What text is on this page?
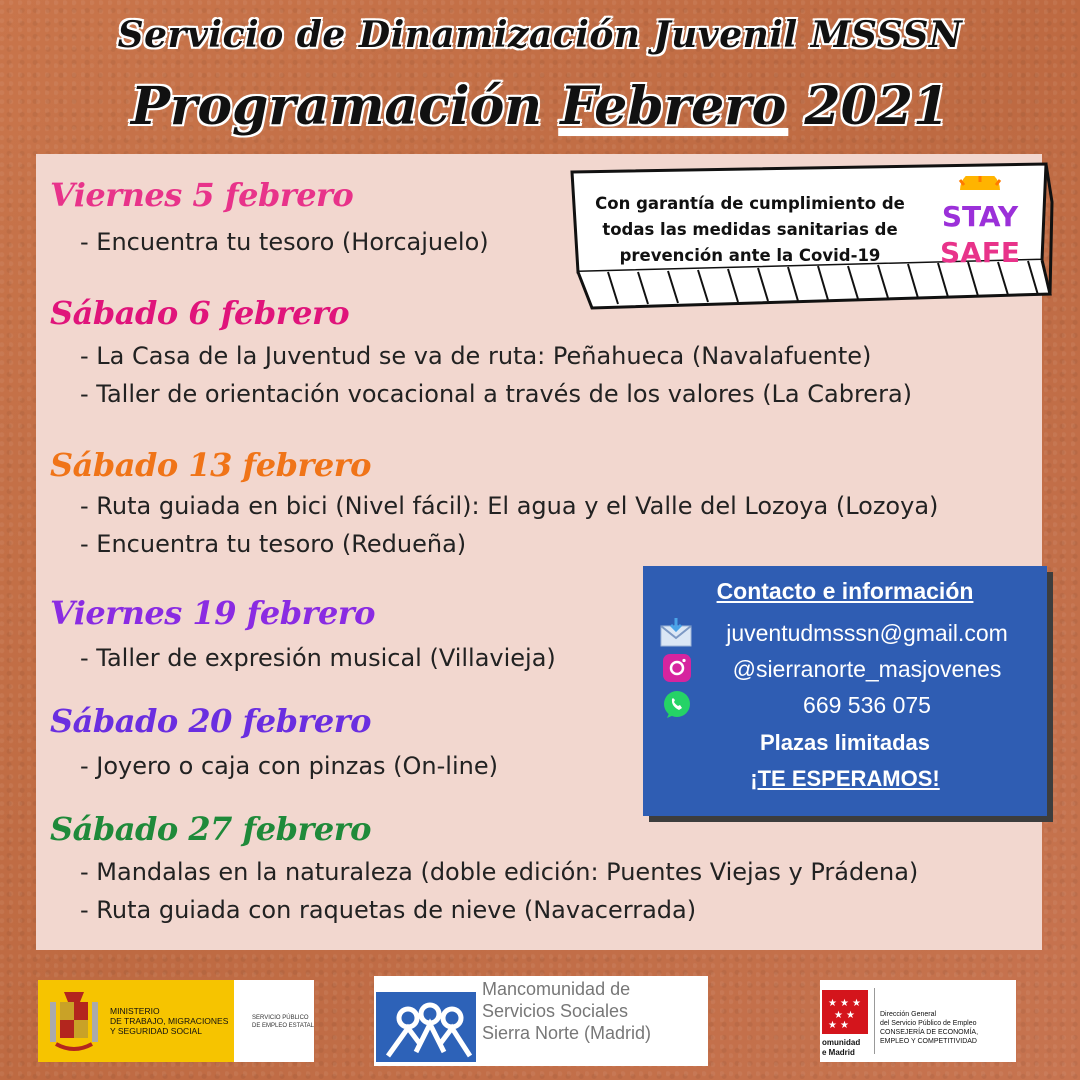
Servicio de Dinamización Juvenil MSSSN
Programación Febrero 2021
Viernes 5 febrero
- Encuentra tu tesoro (Horcajuelo)
Sábado 6 febrero
- La Casa de la Juventud se va de ruta: Peñahueca (Navalafuente)
- Taller de orientación vocacional a través de los valores (La Cabrera)
Sábado 13 febrero
- Ruta guiada en bici (Nivel fácil): El agua y el Valle del Lozoya (Lozoya)
- Encuentra tu tesoro (Redueña)
Viernes 19 febrero
- Taller de expresión musical (Villavieja)
Sábado 20 febrero
- Joyero o caja con pinzas (On-line)
Sábado 27 febrero
- Mandalas en la naturaleza (doble edición: Puentes Viejas y Prádena)
- Ruta guiada con raquetas de nieve (Navacerrada)
Con garantía de cumplimiento de
todas las medidas sanitarias de
prevención ante la Covid-19
STAY
SAFE
Contacto e información
juventudmsssn@gmail.com
@sierranorte_masjovenes
669 536 075
Plazas limitadas
¡TE ESPERAMOS!
MINISTERIO
DE TRABAJO, MIGRACIONES
Y SEGURIDAD SOCIAL
SERVICIO PÚBLICO
DE EMPLEO ESTATAL
Mancomunidad de
Servicios Sociales
Sierra Norte (Madrid)
★ ★ ★
★ ★
★ ★
omunidad
e Madrid
Dirección General
del Servicio Público de Empleo
CONSEJERÍA DE ECONOMÍA,
EMPLEO Y COMPETITIVIDAD
